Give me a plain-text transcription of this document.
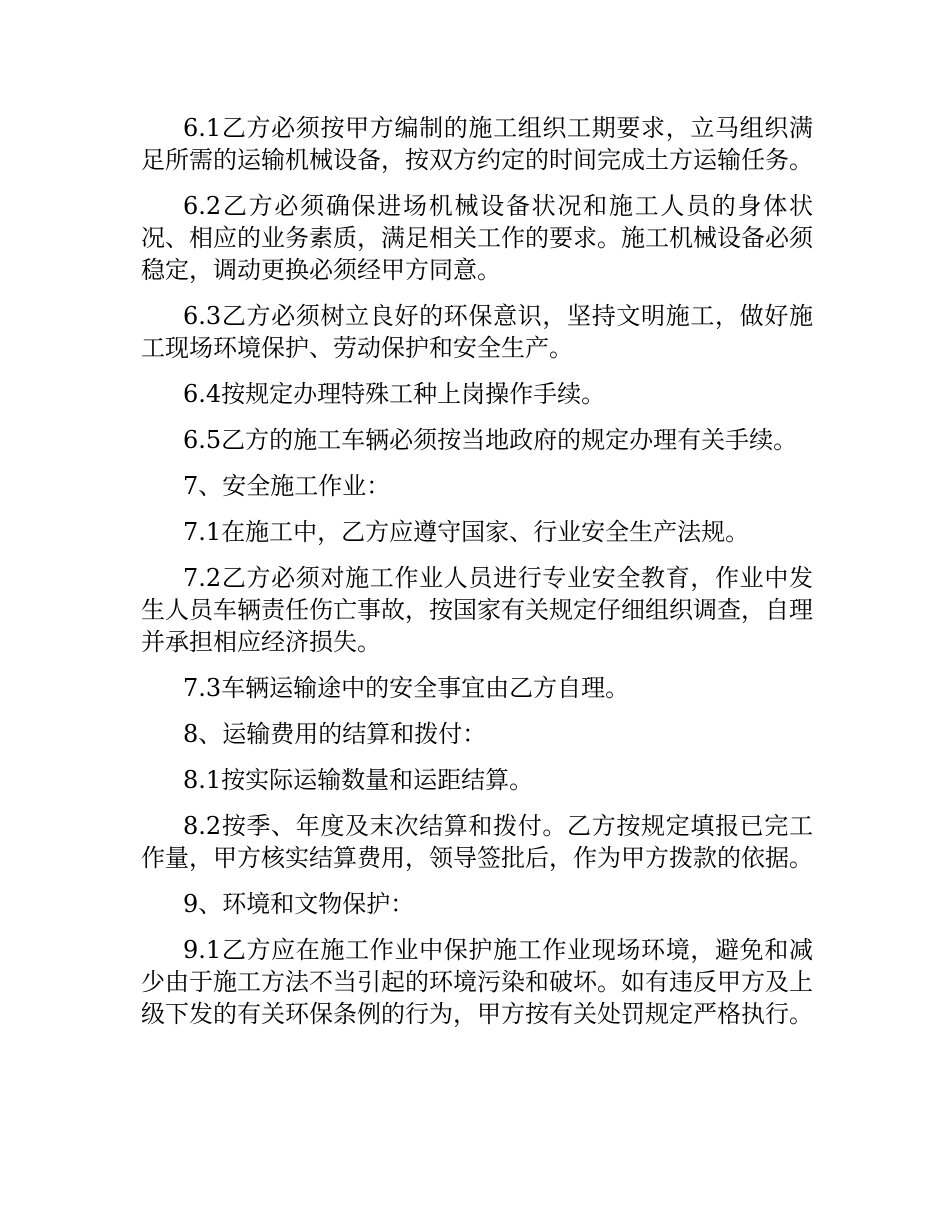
6.1乙方必须按甲方编制的施工组织工期要求，立马组织满足所需的运输机械设备，按双方约定的时间完成土方运输任务。

6.2乙方必须确保进场机械设备状况和施工人员的身体状况、相应的业务素质，满足相关工作的要求。施工机械设备必须稳定，调动更换必须经甲方同意。

6.3乙方必须树立良好的环保意识，坚持文明施工，做好施工现场环境保护、劳动保护和安全生产。

6.4按规定办理特殊工种上岗操作手续。

6.5乙方的施工车辆必须按当地政府的规定办理有关手续。

7、安全施工作业：

7.1在施工中，乙方应遵守国家、行业安全生产法规。

7.2乙方必须对施工作业人员进行专业安全教育，作业中发生人员车辆责任伤亡事故，按国家有关规定仔细组织调查，自理并承担相应经济损失。

7.3车辆运输途中的安全事宜由乙方自理。

8、运输费用的结算和拨付：

8.1按实际运输数量和运距结算。

8.2按季、年度及末次结算和拨付。乙方按规定填报已完工作量，甲方核实结算费用，领导签批后，作为甲方拨款的依据。

9、环境和文物保护：

9.1乙方应在施工作业中保护施工作业现场环境，避免和减少由于施工方法不当引起的环境污染和破坏。如有违反甲方及上级下发的有关环保条例的行为，甲方按有关处罚规定严格执行。
